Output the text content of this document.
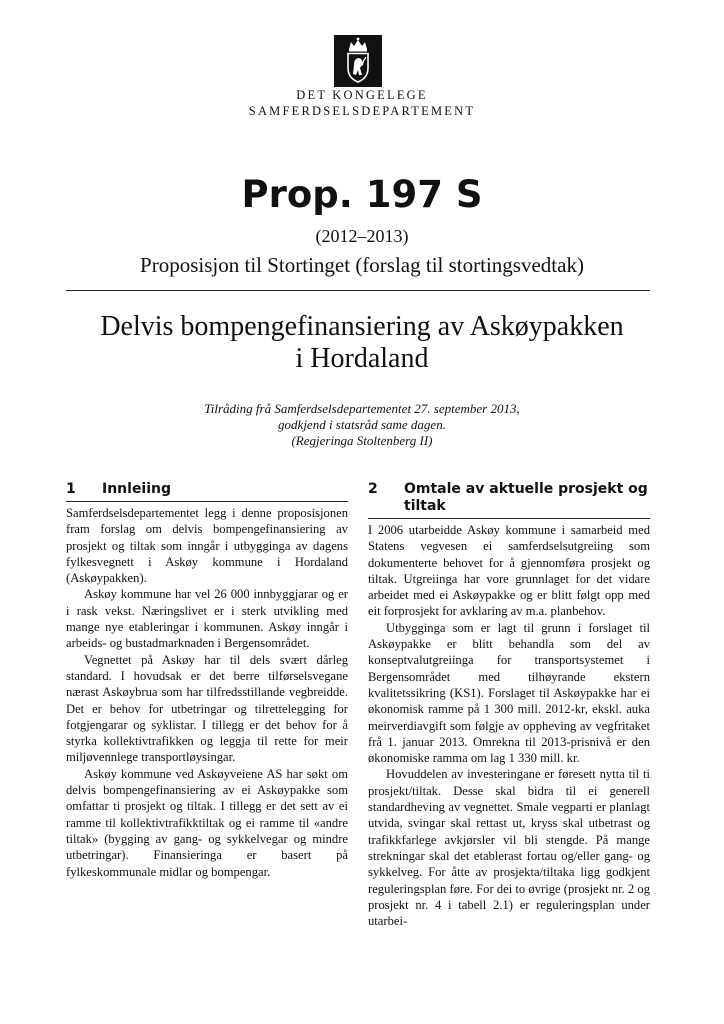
DET KONGELEGE
SAMFERDSELSDEPARTEMENT
Prop. 197 S
(2012–2013)
Proposisjon til Stortinget (forslag til stortingsvedtak)
Delvis bompengefinansiering av Askøypakken
i Hordaland
Tilråding frå Samferdselsdepartementet 27. september 2013,
godkjend i statsråd same dagen.
(Regjeringa Stoltenberg II)
1	Innleiing

Samferdselsdepartementet legg i denne proposisjonen fram forslag om delvis bompengefinansiering av prosjekt og tiltak som inngår i utbygginga av dagens fylkesvegnett i Askøy kommune i Hordaland (Askøypakken).

Askøy kommune har vel 26 000 innbyggjarar og er i rask vekst. Næringslivet er i sterk utvikling med mange nye etableringar i kommunen. Askøy inngår i arbeids- og bustadmarknaden i Bergensområdet.

Vegnettet på Askøy har til dels svært dårleg standard. I hovudsak er det berre tilførselsvegane nærast Askøybrua som har tilfredsstillande vegbreidde. Det er behov for utbetringar og tilrettelegging for fotgjengarar og syklistar. I tillegg er det behov for å styrka kollektivtrafikken og leggja til rette for meir miljøvennlege transportløysingar.

Askøy kommune ved Askøyveiene AS har søkt om delvis bompengefinansiering av ei Askøypakke som omfattar ti prosjekt og tiltak. I tillegg er det sett av ei ramme til kollektivtrafikktiltak og ei ramme til «andre tiltak» (bygging av gang- og sykkelvegar og mindre utbetringar). Finansieringa er basert på fylkeskommunale midlar og bompengar.

2	Omtale av aktuelle prosjekt og tiltak

I 2006 utarbeidde Askøy kommune i samarbeid med Statens vegvesen ei samferdselsutgreiing som dokumenterte behovet for å gjennomføra prosjekt og tiltak. Utgreiinga har vore grunnlaget for det vidare arbeidet med ei Askøypakke og er blitt følgt opp med eit forprosjekt for avklaring av m.a. planbehov.

Utbygginga som er lagt til grunn i forslaget til Askøypakke er blitt behandla som del av konseptvalutgreiinga for transportsystemet i Bergensområdet med tilhøyrande ekstern kvalitetssikring (KS1). Forslaget til Askøypakke har ei økonomisk ramme på 1 300 mill. 2012-kr, ekskl. auka meirverdiavgift som følgje av oppheving av vegfritaket frå 1. januar 2013. Omrekna til 2013-prisnivå er den økonomiske ramma om lag 1 330 mill. kr.

Hovuddelen av investeringane er føresett nytta til ti prosjekt/tiltak. Desse skal bidra til ei generell standardheving av vegnettet. Smale vegparti er planlagt utvida, svingar skal rettast ut, kryss skal utbetrast og trafikkfarlege avkjørsler vil bli stengde. På mange strekningar skal det etablerast fortau og/eller gang- og sykkelveg. For åtte av prosjekta/tiltaka ligg godkjent reguleringsplan føre. For dei to øvrige (prosjekt nr. 2 og prosjekt nr. 4 i tabell 2.1) er reguleringsplan under utarbei-
